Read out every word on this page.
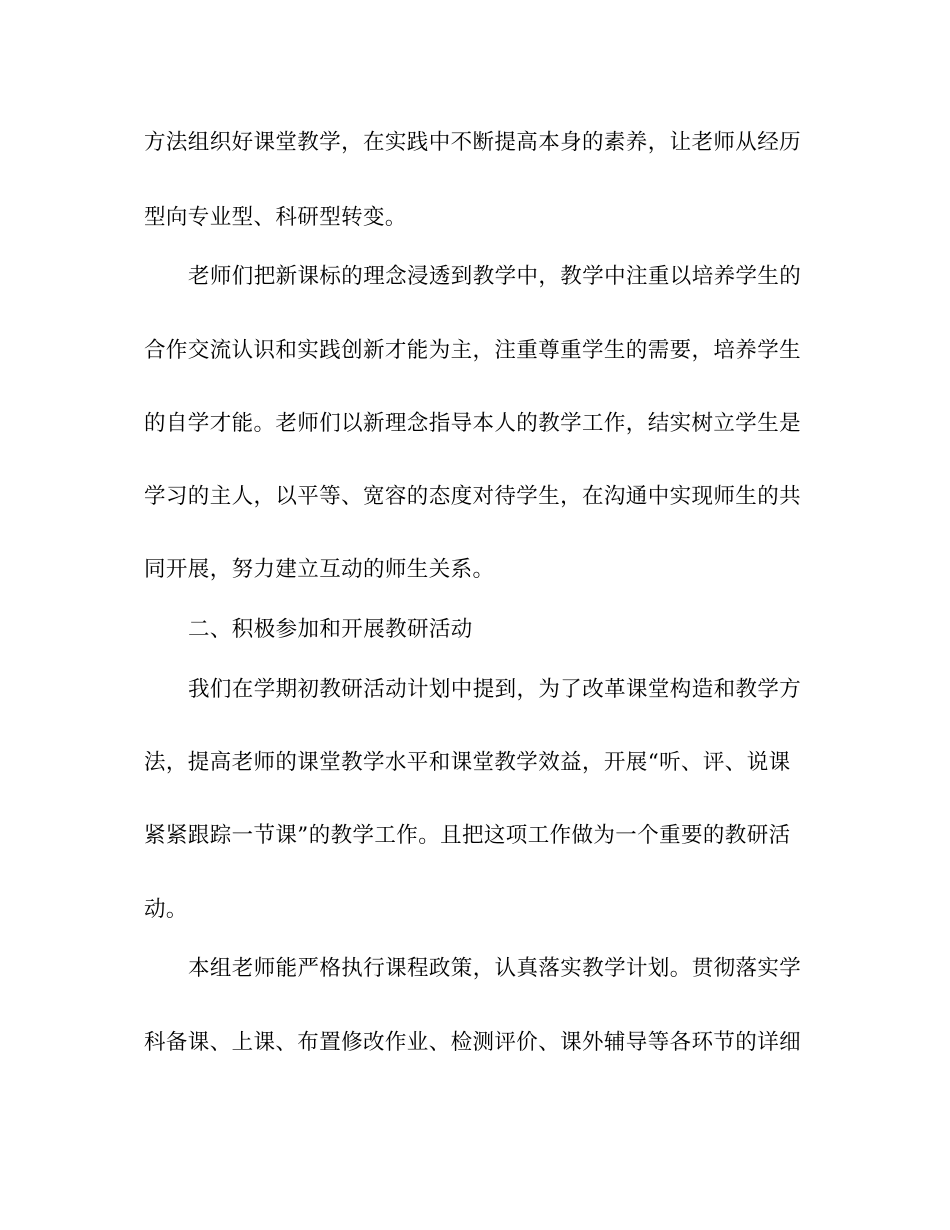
方法组织好课堂教学，在实践中不断提高本身的素养，让老师从经历
型向专业型、科研型转变。
老师们把新课标的理念浸透到教学中，教学中注重以培养学生的
合作交流认识和实践创新才能为主，注重尊重学生的需要，培养学生
的自学才能。老师们以新理念指导本人的教学工作，结实树立学生是
学习的主人，以平等、宽容的态度对待学生，在沟通中实现师生的共
同开展，努力建立互动的师生关系。
二、积极参加和开展教研活动
我们在学期初教研活动计划中提到，为了改革课堂构造和教学方
法，提高老师的课堂教学水平和课堂教学效益，开展“听、评、说课
紧紧跟踪一节课”的教学工作。且把这项工作做为一个重要的教研活
动。
本组老师能严格执行课程政策，认真落实教学计划。贯彻落实学
科备课、上课、布置修改作业、检测评价、课外辅导等各环节的详细
